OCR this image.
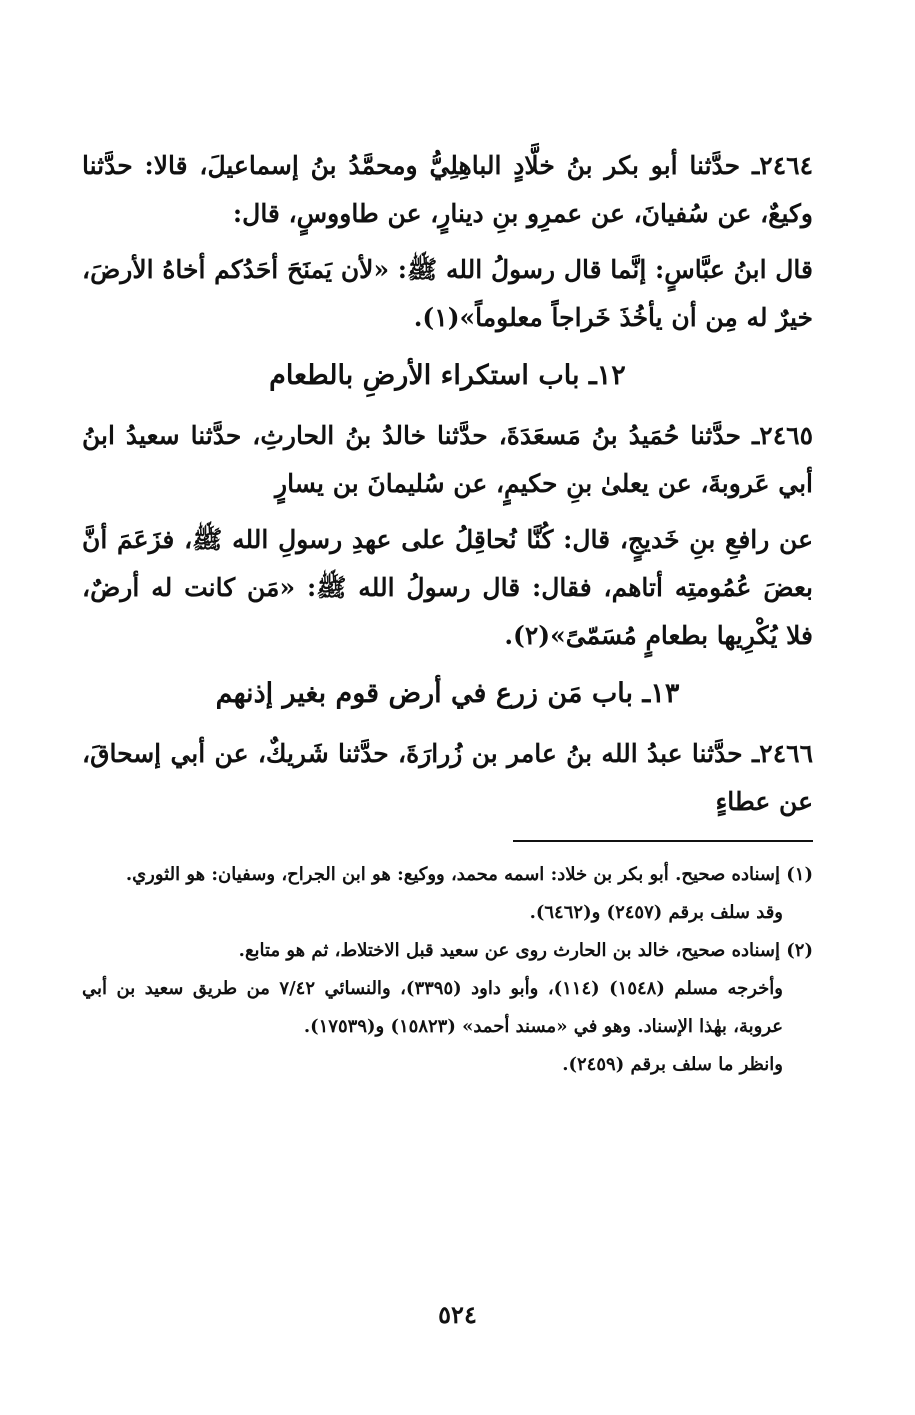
٢٤٦٤ـ حدَّثنا أبو بكر بنُ خلَّادٍ الباهِلِيُّ ومحمَّدُ بنُ إسماعيلَ، قالا: حدَّثنا وكيعٌ، عن سُفيانَ، عن عمرِو بنِ دينارٍ، عن طاووسٍ، قال:

قال ابنُ عبَّاسٍ: إنَّما قال رسولُ الله ﷺ: «لأن يَمنَحَ أحَدُكم أخاهُ الأرضَ، خيرٌ له مِن أن يأخُذَ خَراجاً معلوماً»(١).

١٢ـ باب استكراء الأرضِ بالطعام

٢٤٦٥ـ حدَّثنا حُمَيدُ بنُ مَسعَدَةَ، حدَّثنا خالدُ بنُ الحارثِ، حدَّثنا سعيدُ ابنُ أبي عَروبةَ، عن يعلىٰ بنِ حكيمٍ، عن سُليمانَ بن يسارٍ

عن رافعِ بنِ خَديجٍ، قال: كُنَّا نُحاقِلُ على عهدِ رسولِ الله ﷺ، فزَعَمَ أنَّ بعضَ عُمُومتِه أتاهم، فقال: قال رسولُ الله ﷺ: «مَن كانت له أرضٌ، فلا يُكْرِيها بطعامٍ مُسَمّىً»(٢).

١٣ـ باب مَن زرع في أرض قوم بغير إذنهم

٢٤٦٦ـ حدَّثنا عبدُ الله بنُ عامر بن زُرارَةَ، حدَّثنا شَريكٌ، عن أبي إسحاقَ، عن عطاءٍ

(١) إسناده صحيح. أبو بكر بن خلاد: اسمه محمد، ووكيع: هو ابن الجراح، وسفيان: هو الثوري.

وقد سلف برقم (٢٤٥٧) و(٦٤٦٢).

(٢) إسناده صحيح، خالد بن الحارث روى عن سعيد قبل الاختلاط، ثم هو متابع.

وأخرجه مسلم (١٥٤٨) (١١٤)، وأبو داود (٣٣٩٥)، والنسائي ٧/٤٢ من طريق سعيد بن أبي عروبة، بهٰذا الإسناد. وهو في «مسند أحمد» (١٥٨٢٣) و(١٧٥٣٩).

وانظر ما سلف برقم (٢٤٥٩).

٥٢٤
